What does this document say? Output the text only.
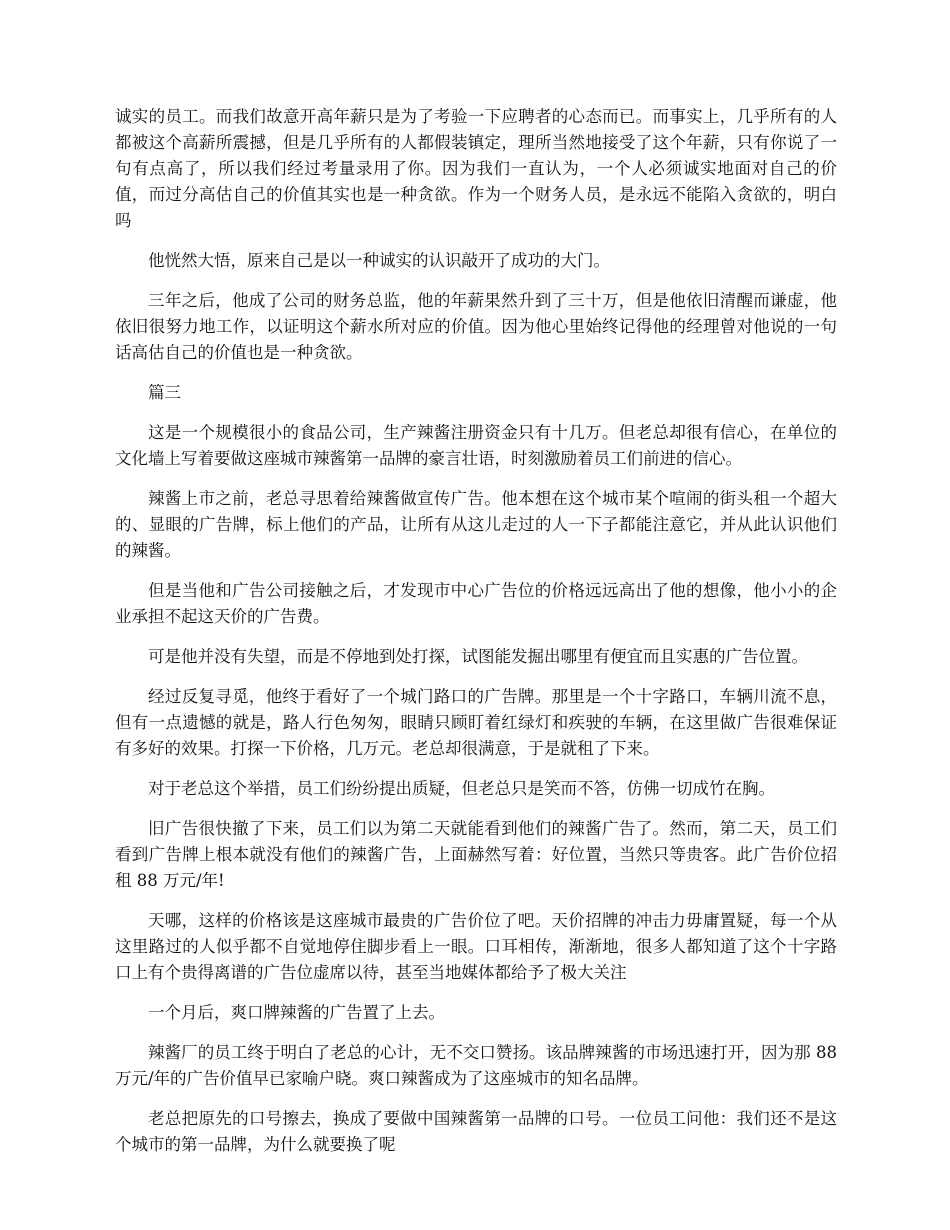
诚实的员工。而我们故意开高年薪只是为了考验一下应聘者的心态而已。而事实上，几乎所有的人都被这个高薪所震撼，但是几乎所有的人都假装镇定，理所当然地接受了这个年薪，只有你说了一句有点高了，所以我们经过考量录用了你。因为我们一直认为，一个人必须诚实地面对自己的价值，而过分高估自己的价值其实也是一种贪欲。作为一个财务人员，是永远不能陷入贪欲的，明白吗

他恍然大悟，原来自己是以一种诚实的认识敲开了成功的大门。

三年之后，他成了公司的财务总监，他的年薪果然升到了三十万，但是他依旧清醒而谦虚，他依旧很努力地工作，以证明这个薪水所对应的价值。因为他心里始终记得他的经理曾对他说的一句话高估自己的价值也是一种贪欲。

篇三

这是一个规模很小的食品公司，生产辣酱注册资金只有十几万。但老总却很有信心，在单位的文化墙上写着要做这座城市辣酱第一品牌的豪言壮语，时刻激励着员工们前进的信心。

辣酱上市之前，老总寻思着给辣酱做宣传广告。他本想在这个城市某个喧闹的街头租一个超大的、显眼的广告牌，标上他们的产品，让所有从这儿走过的人一下子都能注意它，并从此认识他们的辣酱。

但是当他和广告公司接触之后，才发现市中心广告位的价格远远高出了他的想像，他小小的企业承担不起这天价的广告费。

可是他并没有失望，而是不停地到处打探，试图能发掘出哪里有便宜而且实惠的广告位置。

经过反复寻觅，他终于看好了一个城门路口的广告牌。那里是一个十字路口，车辆川流不息，但有一点遗憾的就是，路人行色匆匆，眼睛只顾盯着红绿灯和疾驶的车辆，在这里做广告很难保证有多好的效果。打探一下价格，几万元。老总却很满意，于是就租了下来。

对于老总这个举措，员工们纷纷提出质疑，但老总只是笑而不答，仿佛一切成竹在胸。

旧广告很快撤了下来，员工们以为第二天就能看到他们的辣酱广告了。然而，第二天，员工们看到广告牌上根本就没有他们的辣酱广告，上面赫然写着：好位置，当然只等贵客。此广告价位招租 88 万元/年!

天哪，这样的价格该是这座城市最贵的广告价位了吧。天价招牌的冲击力毋庸置疑，每一个从这里路过的人似乎都不自觉地停住脚步看上一眼。口耳相传，渐渐地，很多人都知道了这个十字路口上有个贵得离谱的广告位虚席以待，甚至当地媒体都给予了极大关注

一个月后，爽口牌辣酱的广告置了上去。

辣酱厂的员工终于明白了老总的心计，无不交口赞扬。该品牌辣酱的市场迅速打开，因为那 88 万元/年的广告价值早已家喻户晓。爽口辣酱成为了这座城市的知名品牌。

老总把原先的口号擦去，换成了要做中国辣酱第一品牌的口号。一位员工问他：我们还不是这个城市的第一品牌，为什么就要换了呢
